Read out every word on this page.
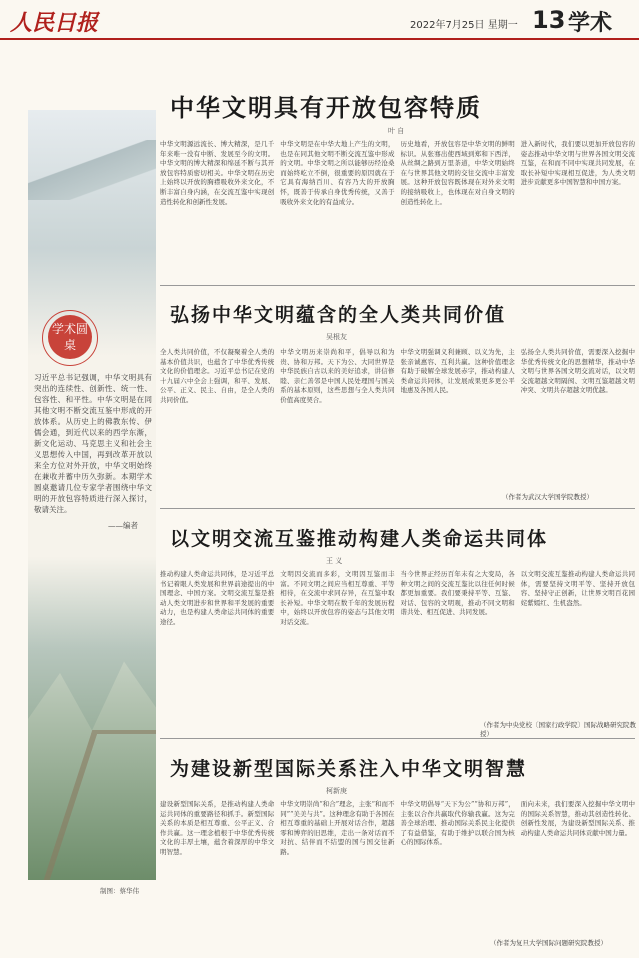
人民日报	2022年7月25日 星期一 13 学术
学术圆桌
习近平总书记强调，中华文明具有突出的连续性、创新性、统一性、包容性、和平性。中华文明是在同其他文明不断交流互鉴中形成的开放体系。从历史上的佛教东传、伊儒会通，到近代以来的西学东渐，新文化运动、马克思主义和社会主义思想传入中国，再到改革开放以来全方位对外开放，中华文明始终在兼收并蓄中历久弥新。本期学术圆桌邀请几位专家学者围绕中华文明的开放包容特质进行深入探讨，敬请关注。
——编者
制图：蔡华伟
中华文明具有开放包容特质
叶 自
中华文明源远流长、博大精深，是几千年来唯一没有中断、发展至今的文明。中华文明的博大精深和绵延不断与其开放包容特质密切相关。中华文明在历史上始终以开放的胸襟吸收外来文化，不断丰富自身内涵，在交流互鉴中实现创造性转化和创新性发展。
中华文明是在中华大地上产生的文明，也是在同其他文明不断交流互鉴中形成的文明。中华文明之所以能够历经沧桑而始终屹立不倒，很重要的原因就在于它具有海纳百川、有容乃大的开放胸怀，既善于传承自身优秀传统，又善于吸收外来文化的有益成分。
历史地看，开放包容是中华文明的鲜明标识。从张骞出使西域到郑和下西洋，从丝绸之路到万里茶道，中华文明始终在与世界其他文明的交往交流中丰富发展。这种开放包容既体现在对外来文明的接纳吸收上，也体现在对自身文明的创造性转化上。
进入新时代，我们要以更加开放包容的姿态推动中华文明与世界各国文明交流互鉴，在和而不同中实现共同发展，在取长补短中实现相互促进，为人类文明进步贡献更多中国智慧和中国方案。
弘扬中华文明蕴含的全人类共同价值
吴根友
全人类共同价值，不仅凝聚着全人类的基本价值共识，也蕴含了中华优秀传统文化的价值理念。习近平总书记在党的十九届六中全会上强调，和平、发展、公平、正义、民主、自由，是全人类的共同价值。
中华文明历来崇尚和平，倡导以和为贵、协和万邦。天下为公、大同世界是中华民族自古以来的美好追求，讲信修睦、亲仁善邻是中国人民处理国与国关系的基本原则，这些思想与全人类共同价值高度契合。
中华文明强调义利兼顾、以义为先，主张亲诚惠容、互利共赢。这种价值理念有助于破解全球发展赤字，推动构建人类命运共同体，让发展成果更多更公平地惠及各国人民。
弘扬全人类共同价值，需要深入挖掘中华优秀传统文化的思想精华，推动中华文明与世界各国文明交流对话，以文明交流超越文明隔阂、文明互鉴超越文明冲突、文明共存超越文明优越。
（作者为武汉大学国学院教授）
以文明交流互鉴推动构建人类命运共同体
王 义
推动构建人类命运共同体，是习近平总书记着眼人类发展和世界前途提出的中国理念、中国方案。文明交流互鉴是推动人类文明进步和世界和平发展的重要动力，也是构建人类命运共同体的重要途径。
文明因交流而多彩，文明因互鉴而丰富。不同文明之间应当相互尊重、平等相待，在交流中求同存异，在互鉴中取长补短。中华文明在数千年的发展历程中，始终以开放包容的姿态与其他文明对话交流。
当今世界正经历百年未有之大变局，各种文明之间的交流互鉴比以往任何时候都更加重要。我们要秉持平等、互鉴、对话、包容的文明观，推动不同文明和谐共处、相互促进、共同发展。
以文明交流互鉴推动构建人类命运共同体，需要坚持文明平等、坚持开放包容、坚持守正创新，让世界文明百花园姹紫嫣红、生机盎然。
（作者为中央党校〔国家行政学院〕国际战略研究院教授）
为建设新型国际关系注入中华文明智慧
柯新庚
建设新型国际关系，是推动构建人类命运共同体的重要路径和抓手。新型国际关系的本质是相互尊重、公平正义、合作共赢。这一理念植根于中华优秀传统文化的丰厚土壤，蕴含着深厚的中华文明智慧。
中华文明崇尚“和合”理念，主张“和而不同”“美美与共”。这种理念有助于各国在相互尊重的基础上开展对话合作，超越零和博弈的旧思维，走出一条对话而不对抗、结伴而不结盟的国与国交往新路。
中华文明倡导“天下为公”“协和万邦”，主张以合作共赢取代你输我赢。这为完善全球治理、推动国际关系民主化提供了有益借鉴，有助于维护以联合国为核心的国际体系。
面向未来，我们要深入挖掘中华文明中的国际关系智慧，推动其创造性转化、创新性发展，为建设新型国际关系、推动构建人类命运共同体贡献中国力量。
（作者为复旦大学国际问题研究院教授）
